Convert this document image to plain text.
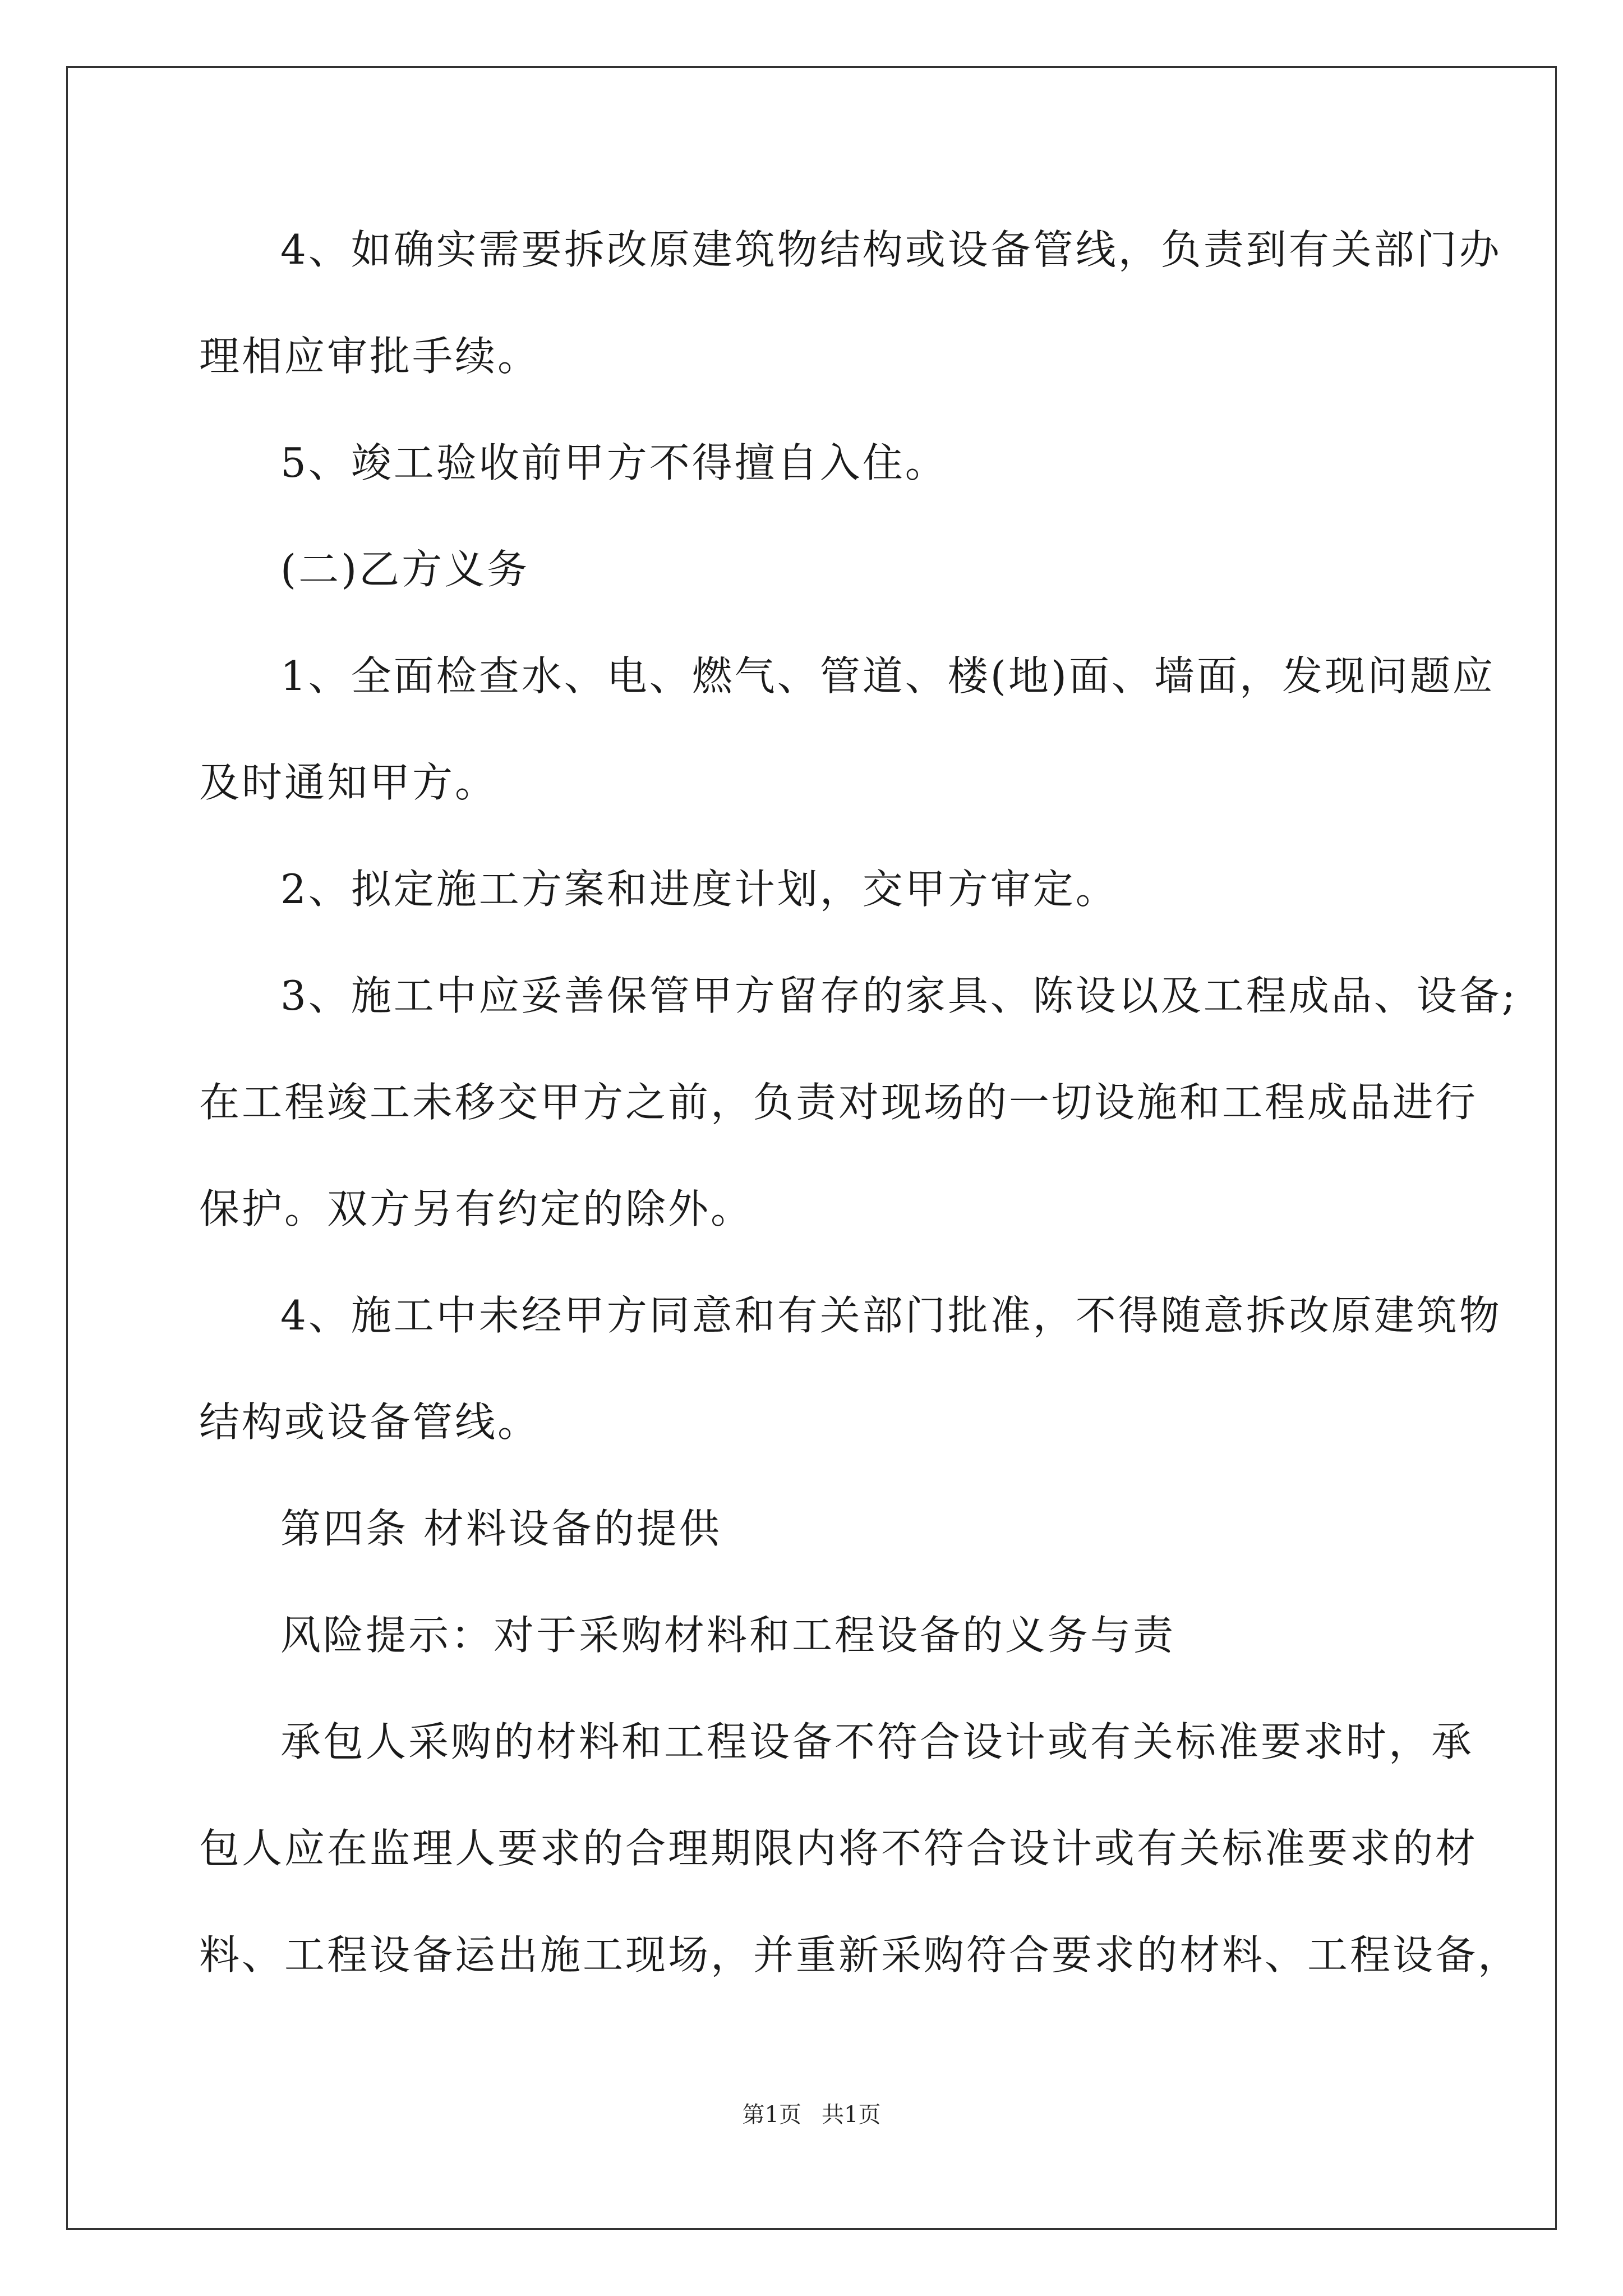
4、如确实需要拆改原建筑物结构或设备管线，负责到有关部门办
理相应审批手续。
5、竣工验收前甲方不得擅自入住。
(二)乙方义务
1、全面检查水、电、燃气、管道、楼(地)面、墙面，发现问题应
及时通知甲方。
2、拟定施工方案和进度计划，交甲方审定。
3、施工中应妥善保管甲方留存的家具、陈设以及工程成品、设备;
在工程竣工未移交甲方之前，负责对现场的一切设施和工程成品进行
保护。双方另有约定的除外。
4、施工中未经甲方同意和有关部门批准，不得随意拆改原建筑物
结构或设备管线。
第四条 材料设备的提供
风险提示：对于采购材料和工程设备的义务与责
承包人采购的材料和工程设备不符合设计或有关标准要求时，承
包人应在监理人要求的合理期限内将不符合设计或有关标准要求的材
料、工程设备运出施工现场，并重新采购符合要求的材料、工程设备，
第1页 共1页
